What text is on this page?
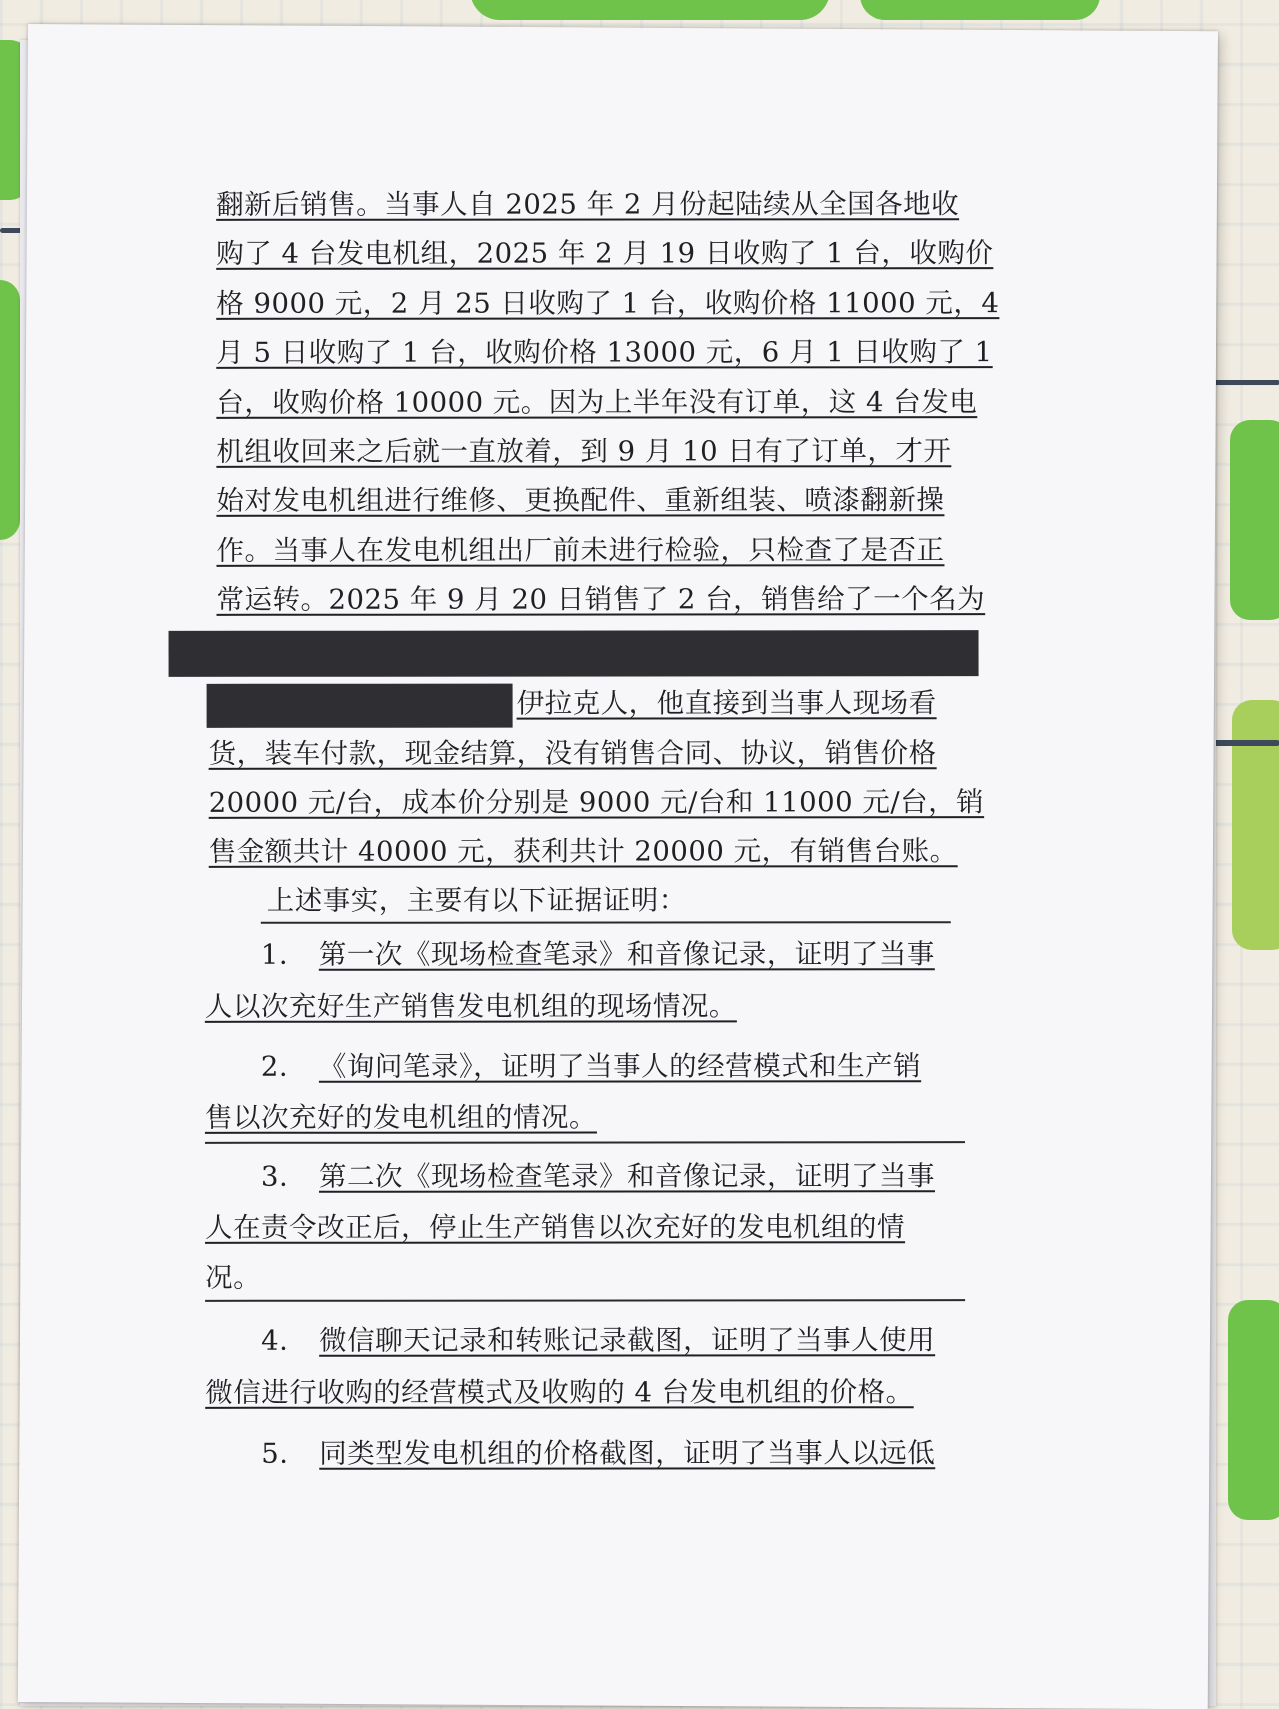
翻新后销售。当事人自 2025 年 2 月份起陆续从全国各地收
购了 4 台发电机组，2025 年 2 月 19 日收购了 1 台，收购价
格 9000 元，2 月 25 日收购了 1 台，收购价格 11000 元，4
月 5 日收购了 1 台，收购价格 13000 元，6 月 1 日收购了 1
台，收购价格 10000 元。因为上半年没有订单，这 4 台发电
机组收回来之后就一直放着，到 9 月 10 日有了订单，才开
始对发电机组进行维修、更换配件、重新组装、喷漆翻新操
作。当事人在发电机组出厂前未进行检验，只检查了是否正
常运转。2025 年 9 月 20 日销售了 2 台，销售给了一个名为
伊拉克人，他直接到当事人现场看
货，装车付款，现金结算，没有销售合同、协议，销售价格
20000 元/台，成本价分别是 9000 元/台和 11000 元/台，销
售金额共计 40000 元，获利共计 20000 元，有销售台账。
上述事实，主要有以下证据证明：
1. 第一次《现场检查笔录》和音像记录，证明了当事
人以次充好生产销售发电机组的现场情况。
2. 《询问笔录》，证明了当事人的经营模式和生产销
售以次充好的发电机组的情况。
3. 第二次《现场检查笔录》和音像记录，证明了当事
人在责令改正后，停止生产销售以次充好的发电机组的情
况。
4. 微信聊天记录和转账记录截图，证明了当事人使用
微信进行收购的经营模式及收购的 4 台发电机组的价格。
5. 同类型发电机组的价格截图，证明了当事人以远低
